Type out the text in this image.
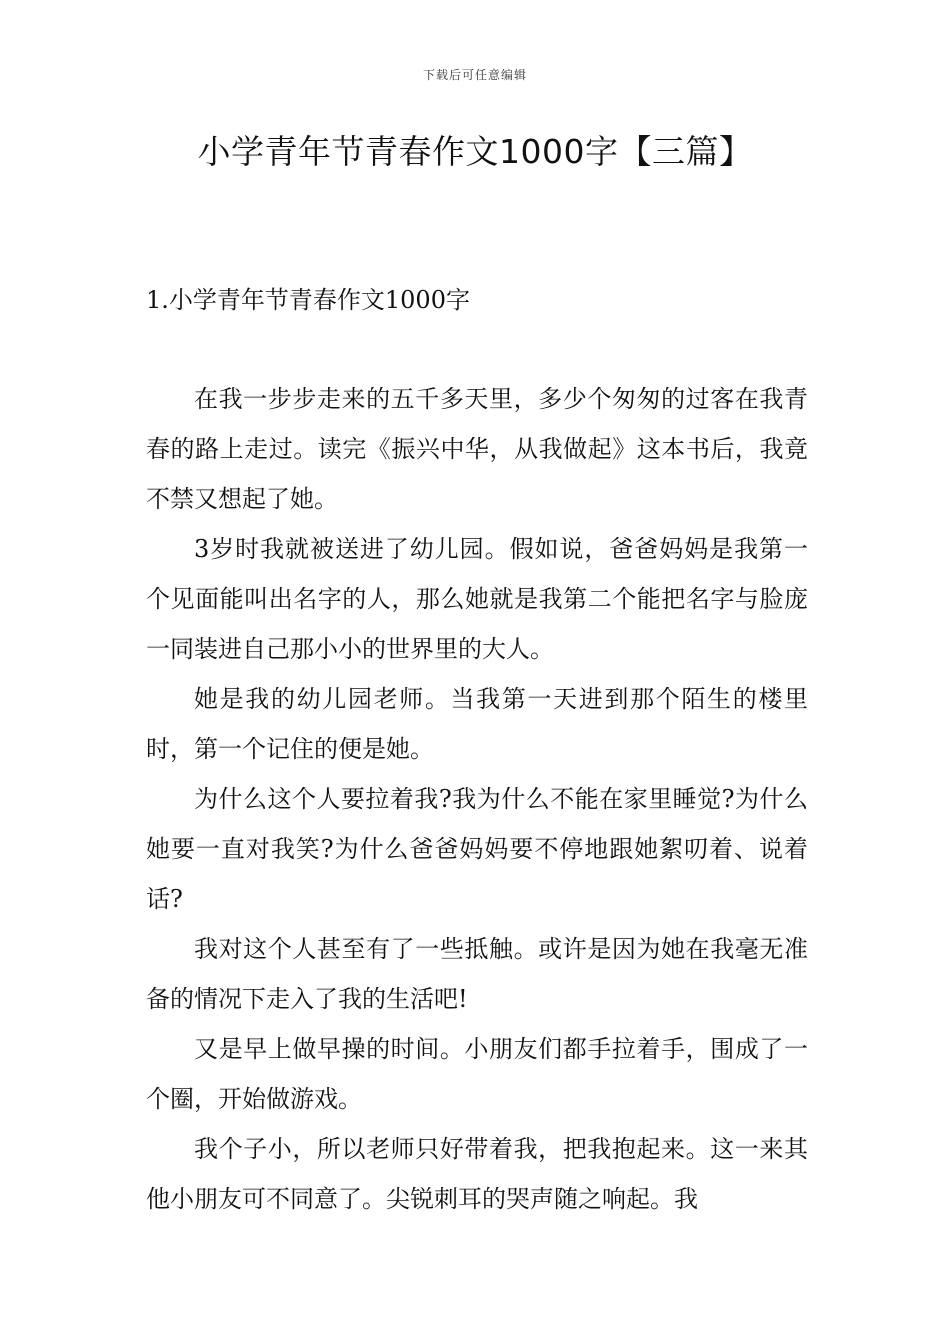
下载后可任意编辑
小学青年节青春作文1000字【三篇】
1.小学青年节青春作文1000字

在我一步步走来的五千多天里，多少个匆匆的过客在我青春的路上走过。读完《振兴中华，从我做起》这本书后，我竟不禁又想起了她。

3岁时我就被送进了幼儿园。假如说，爸爸妈妈是我第一个见面能叫出名字的人，那么她就是我第二个能把名字与脸庞一同装进自己那小小的世界里的大人。

她是我的幼儿园老师。当我第一天进到那个陌生的楼里时，第一个记住的便是她。

为什么这个人要拉着我?我为什么不能在家里睡觉?为什么她要一直对我笑?为什么爸爸妈妈要不停地跟她絮叨着、说着话?

我对这个人甚至有了一些抵触。或许是因为她在我毫无准备的情况下走入了我的生活吧!

又是早上做早操的时间。小朋友们都手拉着手，围成了一个圈，开始做游戏。

我个子小，所以老师只好带着我，把我抱起来。这一来其他小朋友可不同意了。尖锐刺耳的哭声随之响起。我
